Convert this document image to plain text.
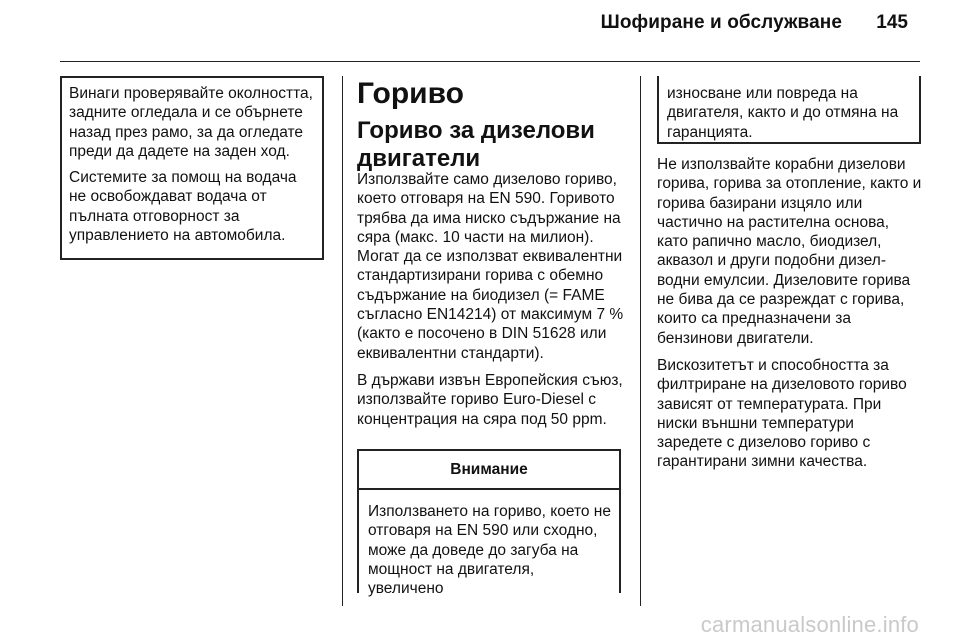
Шофиране и обслужване 145

Винаги проверявайте околността, задните огледала и се обърнете назад през рамо, за да огледате преди да дадете на заден ход.

Системите за помощ на водача не освобождават водача от пълната отговорност за управлението на автомобила.

Гориво
Гориво за дизелови двигатели

Използвайте само дизелово гориво, което отговаря на EN 590. Горивото трябва да има ниско съдържание на сяра (макс. 10 части на милион). Могат да се използват еквивалентни стандартизирани горива с обемно съдържание на биодизел (= FAME съгласно EN14214) от максимум 7 % (както е посочено в DIN 51628 или еквивалентни стандарти).

В държави извън Европейския съюз, използвайте гориво Euro-Diesel с концентрация на сяра под 50 ppm.

Внимание
Използването на гориво, което не отговаря на EN 590 или сходно, може да доведе до загуба на мощност на двигателя, увеличено
износване или повреда на двигателя, както и до отмяна на гаранцията.

Не използвайте корабни дизелови горива, горива за отопление, както и горива базирани изцяло или частично на растителна основа, като рапично масло, биодизел, аквазол и други подобни дизел-водни емулсии. Дизеловите горива не бива да се разреждат с горива, които са предназначени за бензинови двигатели.

Вискозитетът и способността за филтриране на дизеловото гориво зависят от температурата. При ниски външни температури заредете с дизелово гориво с гарантирани зимни качества.

carmanualsonline.info
